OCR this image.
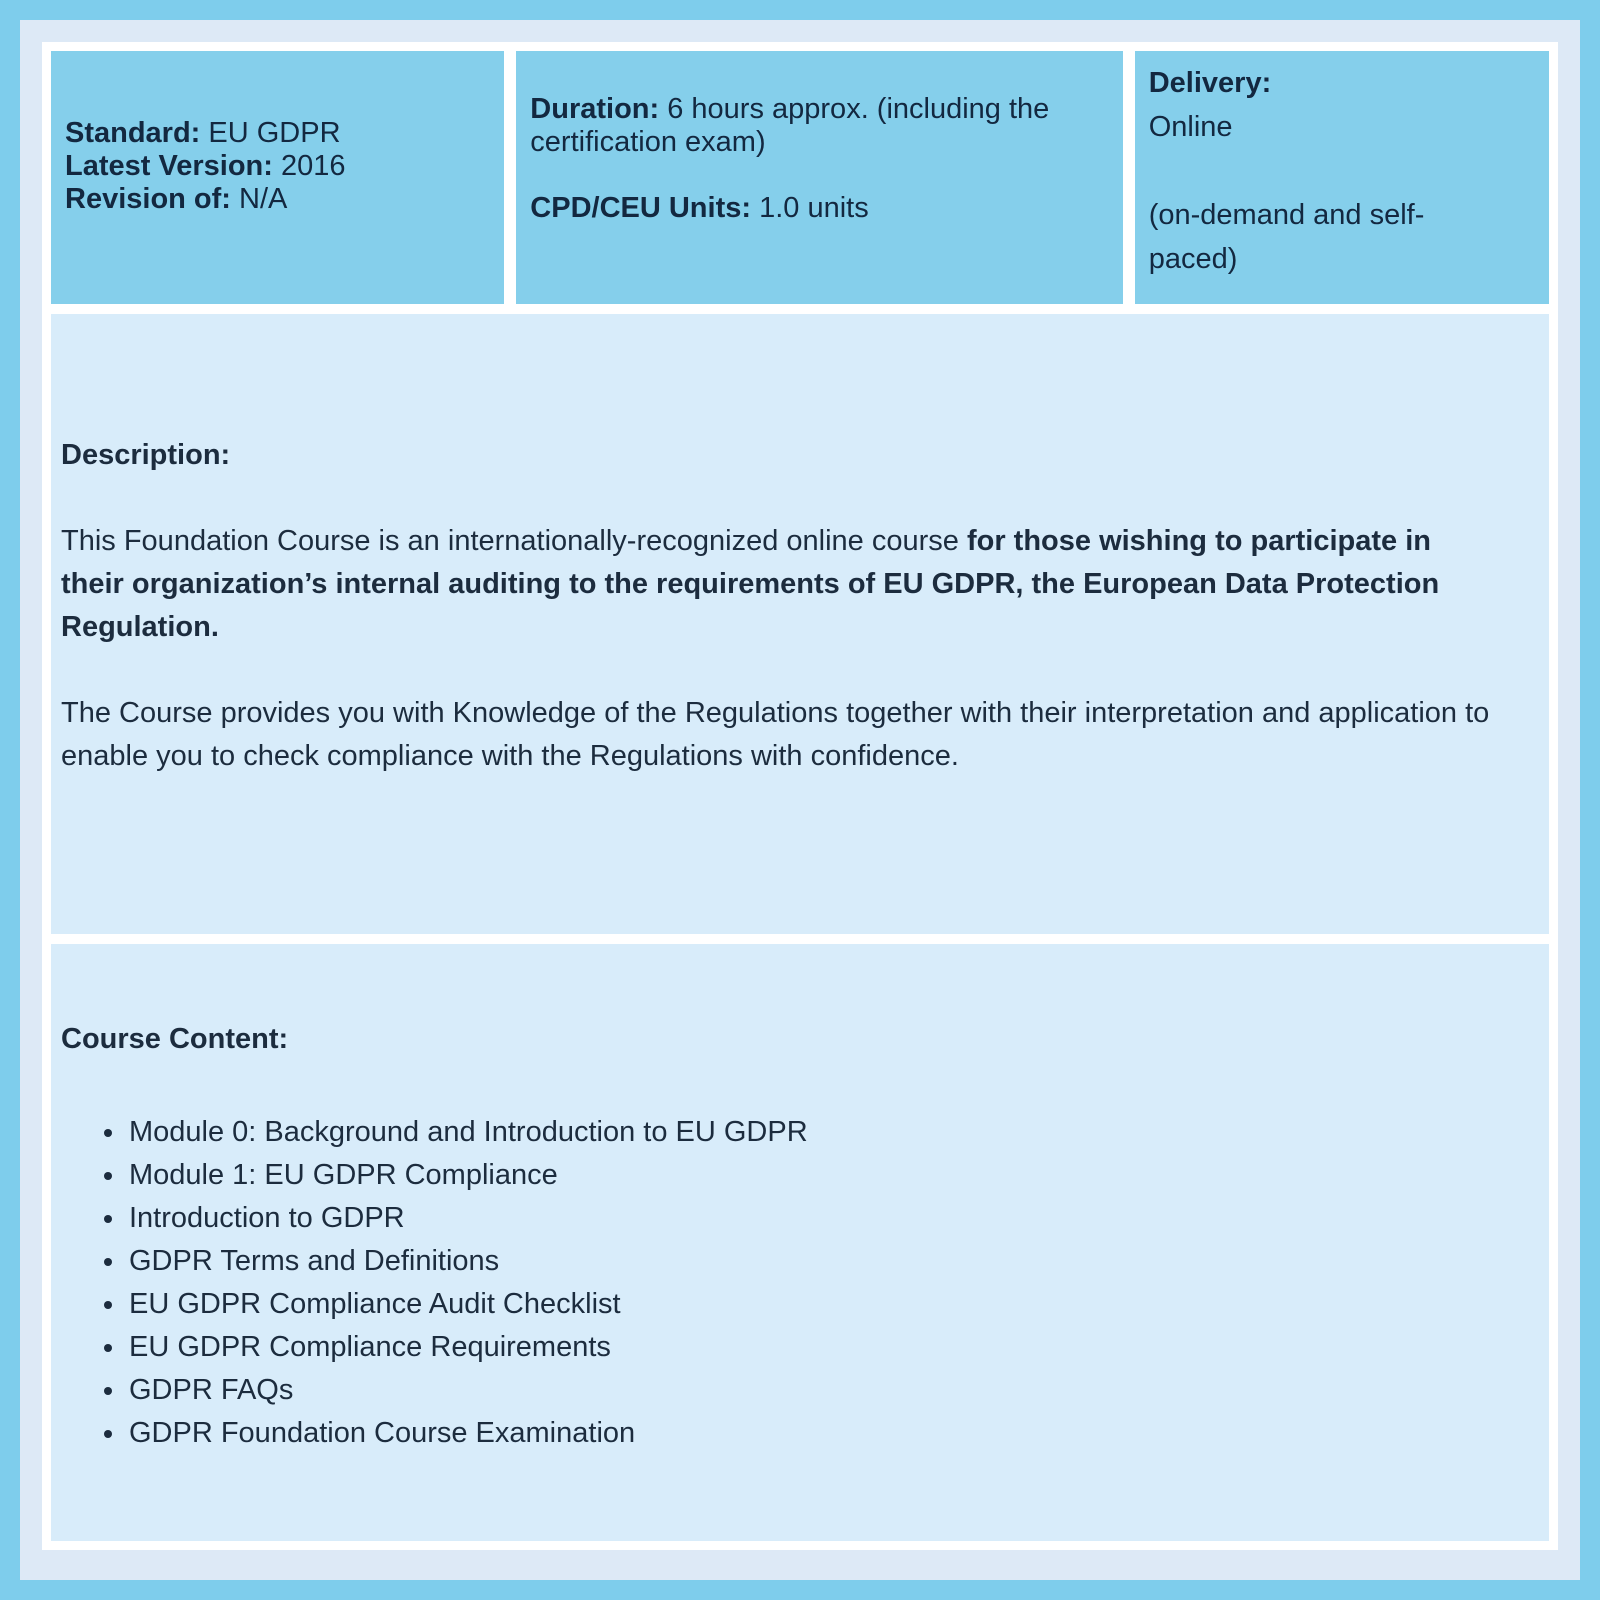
Standard: EU GDPR
Latest Version: 2016
Revision of: N/A
Duration: 6 hours approx. (including the certification exam)
CPD/CEU Units: 1.0 units
Delivery:
Online
(on-demand and self-paced)
Description:

This Foundation Course is an internationally-recognized online course for those wishing to participate in their organization’s internal auditing to the requirements of EU GDPR, the European Data Protection Regulation.

The Course provides you with Knowledge of the Regulations together with their interpretation and application to enable you to check compliance with the Regulations with confidence.

Course Content:
• Module 0: Background and Introduction to EU GDPR
• Module 1: EU GDPR Compliance
• Introduction to GDPR
• GDPR Terms and Definitions
• EU GDPR Compliance Audit Checklist
• EU GDPR Compliance Requirements
• GDPR FAQs
• GDPR Foundation Course Examination
